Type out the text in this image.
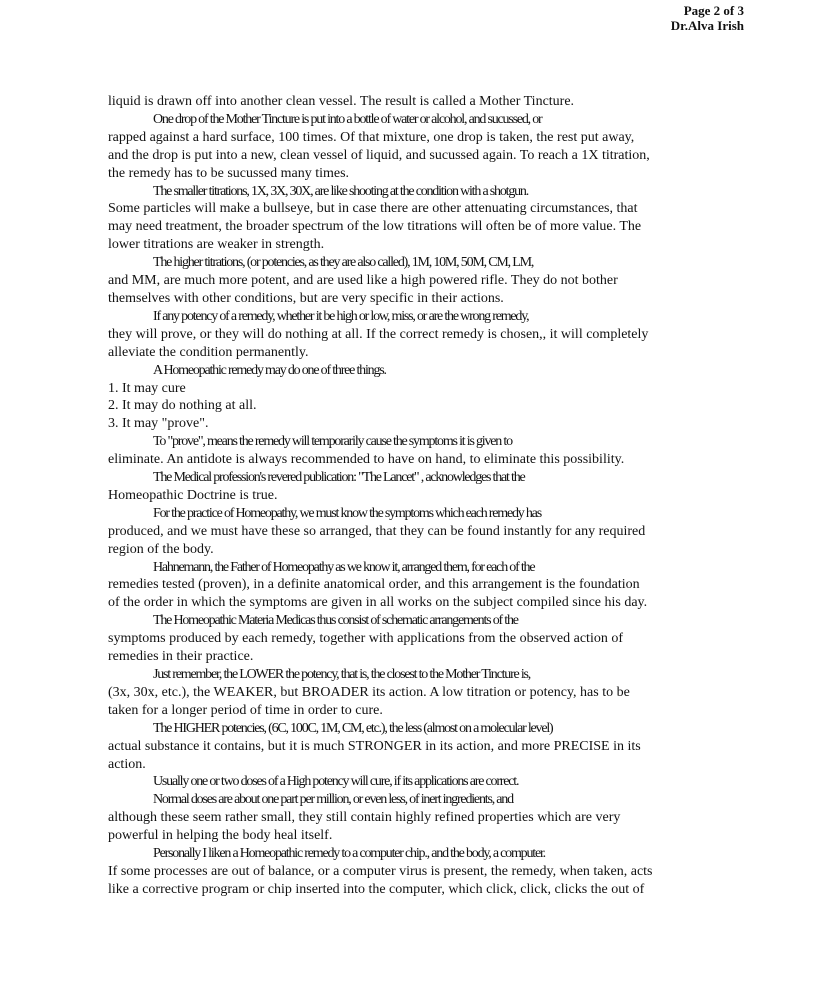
Page 2 of 3
Dr.Alva Irish
liquid is drawn off into another clean vessel. The result is called a Mother Tincture.
One drop of the Mother Tincture is put into a bottle of water or alcohol, and sucussed, or
rapped against a hard surface, 100 times. Of that mixture, one drop is taken, the rest put away,
and the drop is put into a new, clean vessel of liquid, and sucussed again. To reach a 1X titration,
the remedy has to be sucussed many times.
The smaller titrations, 1X, 3X, 30X, are like shooting at the condition with a shotgun.
Some particles will make a bullseye, but in case there are other attenuating circumstances, that
may need treatment, the broader spectrum of the low titrations will often be of more value. The
lower titrations are weaker in strength.
The higher titrations, (or potencies, as they are also called), 1M, 10M, 50M, CM, LM,
and MM, are much more potent, and are used like a high powered rifle. They do not bother
themselves with other conditions, but are very specific in their actions.
If any potency of a remedy, whether it be high or low, miss, or are the wrong remedy,
they will prove, or they will do nothing at all. If the correct remedy is chosen,, it will completely
alleviate the condition permanently.
A Homeopathic remedy may do one of three things.
1. It may cure
2. It may do nothing at all.
3. It may "prove".
To "prove", means the remedy will temporarily cause the symptoms it is given to
eliminate. An antidote is always recommended to have on hand, to eliminate this possibility.
The Medical profession's revered publication: "The Lancet" , acknowledges that the
Homeopathic Doctrine is true.
For the practice of Homeopathy, we must know the symptoms which each remedy has
produced, and we must have these so arranged, that they can be found instantly for any required
region of the body.
Hahnemann, the Father of Homeopathy as we know it, arranged them, for each of the
remedies tested (proven), in a definite anatomical order, and this arrangement is the foundation
of the order in which the symptoms are given in all works on the subject compiled since his day.
The Homeopathic Materia Medicas thus consist of schematic arrangements of the
symptoms produced by each remedy, together with applications from the observed action of
remedies in their practice.
Just remember, the LOWER the potency, that is, the closest to the Mother Tincture is,
(3x, 30x, etc.), the WEAKER, but BROADER its action. A low titration or potency, has to be
taken for a longer period of time in order to cure.
The HIGHER potencies, (6C, 100C, 1M, CM, etc.), the less (almost on a molecular level)
actual substance it contains, but it is much STRONGER in its action, and more PRECISE in its
action.
Usually one or two doses of a High potency will cure, if its applications are correct.
Normal doses are about one part per million, or even less, of inert ingredients, and
although these seem rather small, they still contain highly refined properties which are very
powerful in helping the body heal itself.
Personally I liken a Homeopathic remedy to a computer chip., and the body, a computer.
If some processes are out of balance, or a computer virus is present, the remedy, when taken, acts
like a corrective program or chip inserted into the computer, which click, click, clicks the out of
